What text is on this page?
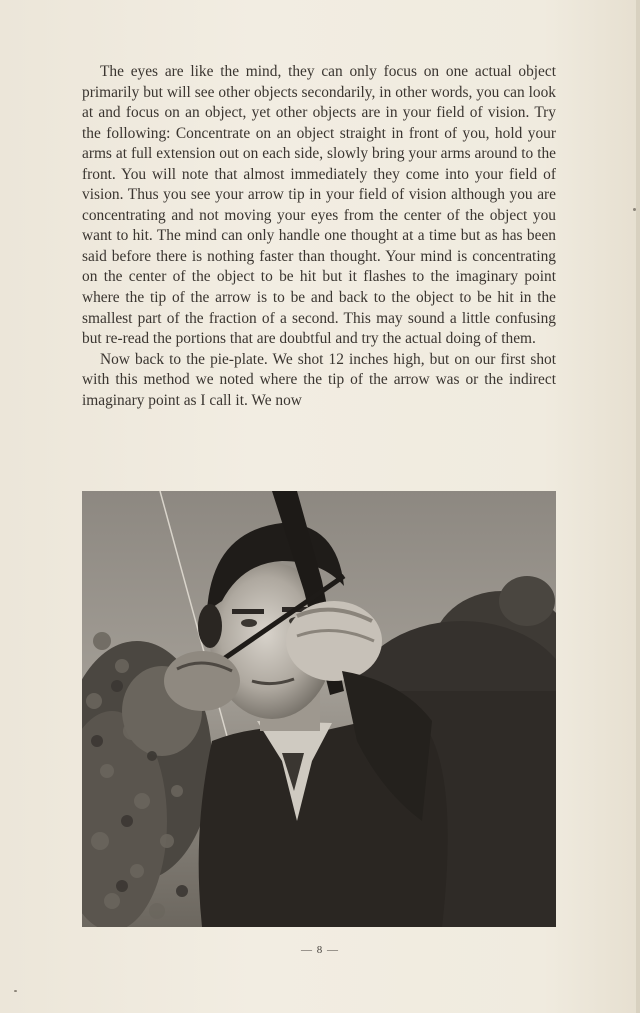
The eyes are like the mind, they can only focus on one actual object primarily but will see other objects secondarily, in other words, you can look at and focus on an object, yet other objects are in your field of vision. Try the following: Concentrate on an object straight in front of you, hold your arms at full extension out on each side, slowly bring your arms around to the front. You will note that almost immediately they come into your field of vision. Thus you see your arrow tip in your field of vision although you are concentrating and not moving your eyes from the center of the object you want to hit. The mind can only handle one thought at a time but as has been said before there is nothing faster than thought. Your mind is concentrating on the center of the object to be hit but it flashes to the imaginary point where the tip of the arrow is to be and back to the object to be hit in the smallest part of the fraction of a second. This may sound a little confusing but re-read the portions that are doubtful and try the actual doing of them.

Now back to the pie-plate. We shot 12 inches high, but on our first shot with this method we noted where the tip of the arrow was or the indirect imaginary point as I call it. We now

— 8 —
